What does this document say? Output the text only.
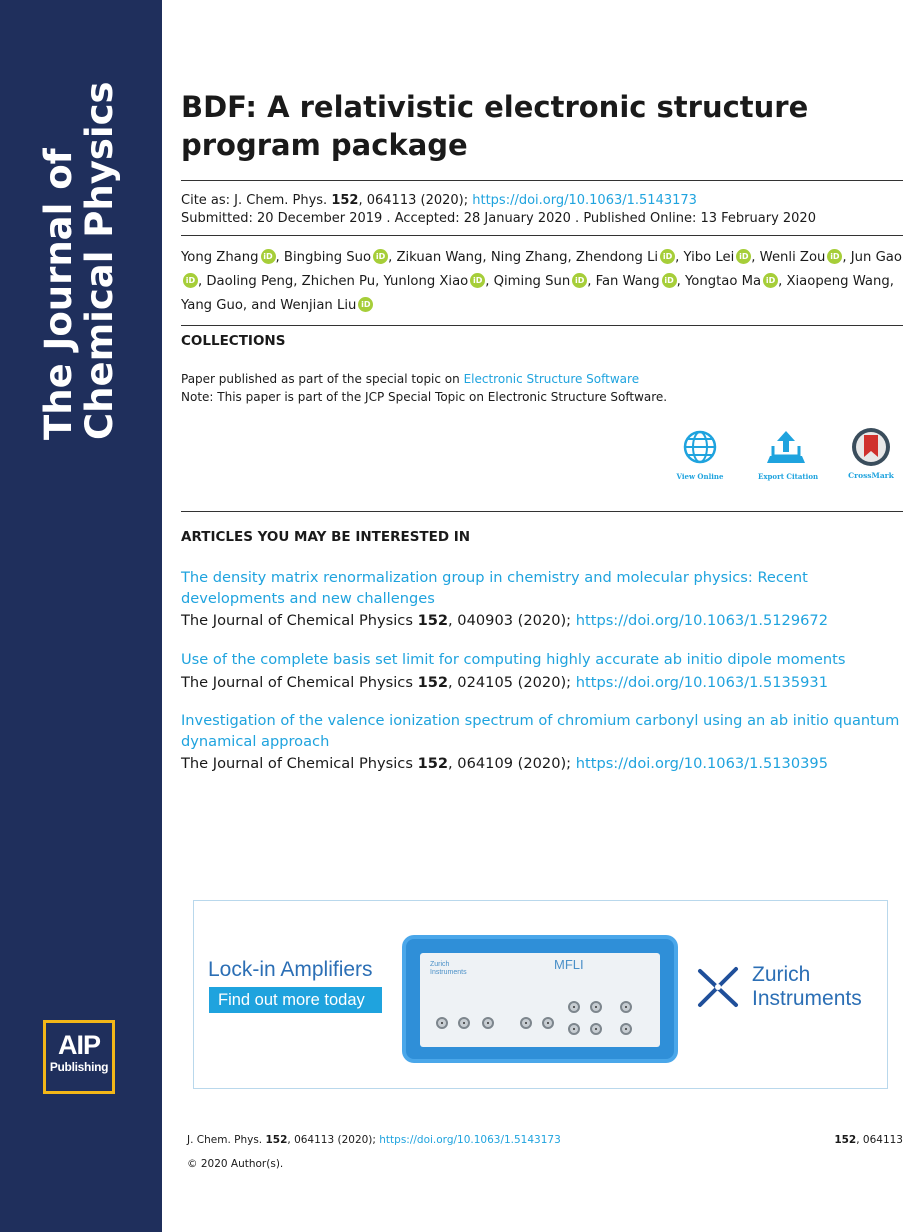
The Journal of
Chemical Physics
AIP
Publishing
BDF: A relativistic electronic structure
program package
Cite as: J. Chem. Phys. 152, 064113 (2020); https://doi.org/10.1063/1.5143173
Submitted: 20 December 2019 . Accepted: 28 January 2020 . Published Online: 13 February 2020
Yong Zhang iD , Bingbing Suo iD , Zikuan Wang, Ning Zhang, Zhendong Li iD , Yibo Lei iD , Wenli Zou iD , Jun GaoiD , Daoling Peng, Zhichen Pu, Yunlong Xiao iD , Qiming Sun iD , Fan Wang iD , Yongtao Ma iD , Xiaopeng Wang, Yang Guo, and Wenjian Liu iD
COLLECTIONS
Paper published as part of the special topic on Electronic Structure Software
Note: This paper is part of the JCP Special Topic on Electronic Structure Software.
View Online	Export Citation	CrossMark
ARTICLES YOU MAY BE INTERESTED IN
The density matrix renormalization group in chemistry and molecular physics: Recent developments and new challenges
The Journal of Chemical Physics 152, 040903 (2020); https://doi.org/10.1063/1.5129672
Use of the complete basis set limit for computing highly accurate ab initio dipole moments
The Journal of Chemical Physics 152, 024105 (2020); https://doi.org/10.1063/1.5135931
Investigation of the valence ionization spectrum of chromium carbonyl using an ab initio quantum dynamical approach
The Journal of Chemical Physics 152, 064109 (2020); https://doi.org/10.1063/1.5130395
Lock-in Amplifiers
Find out more today
Zurich
Instruments
MFLI	Zurich
Instruments
J. Chem. Phys. 152, 064113 (2020); https://doi.org/10.1063/1.5143173	152, 064113
© 2020 Author(s).
